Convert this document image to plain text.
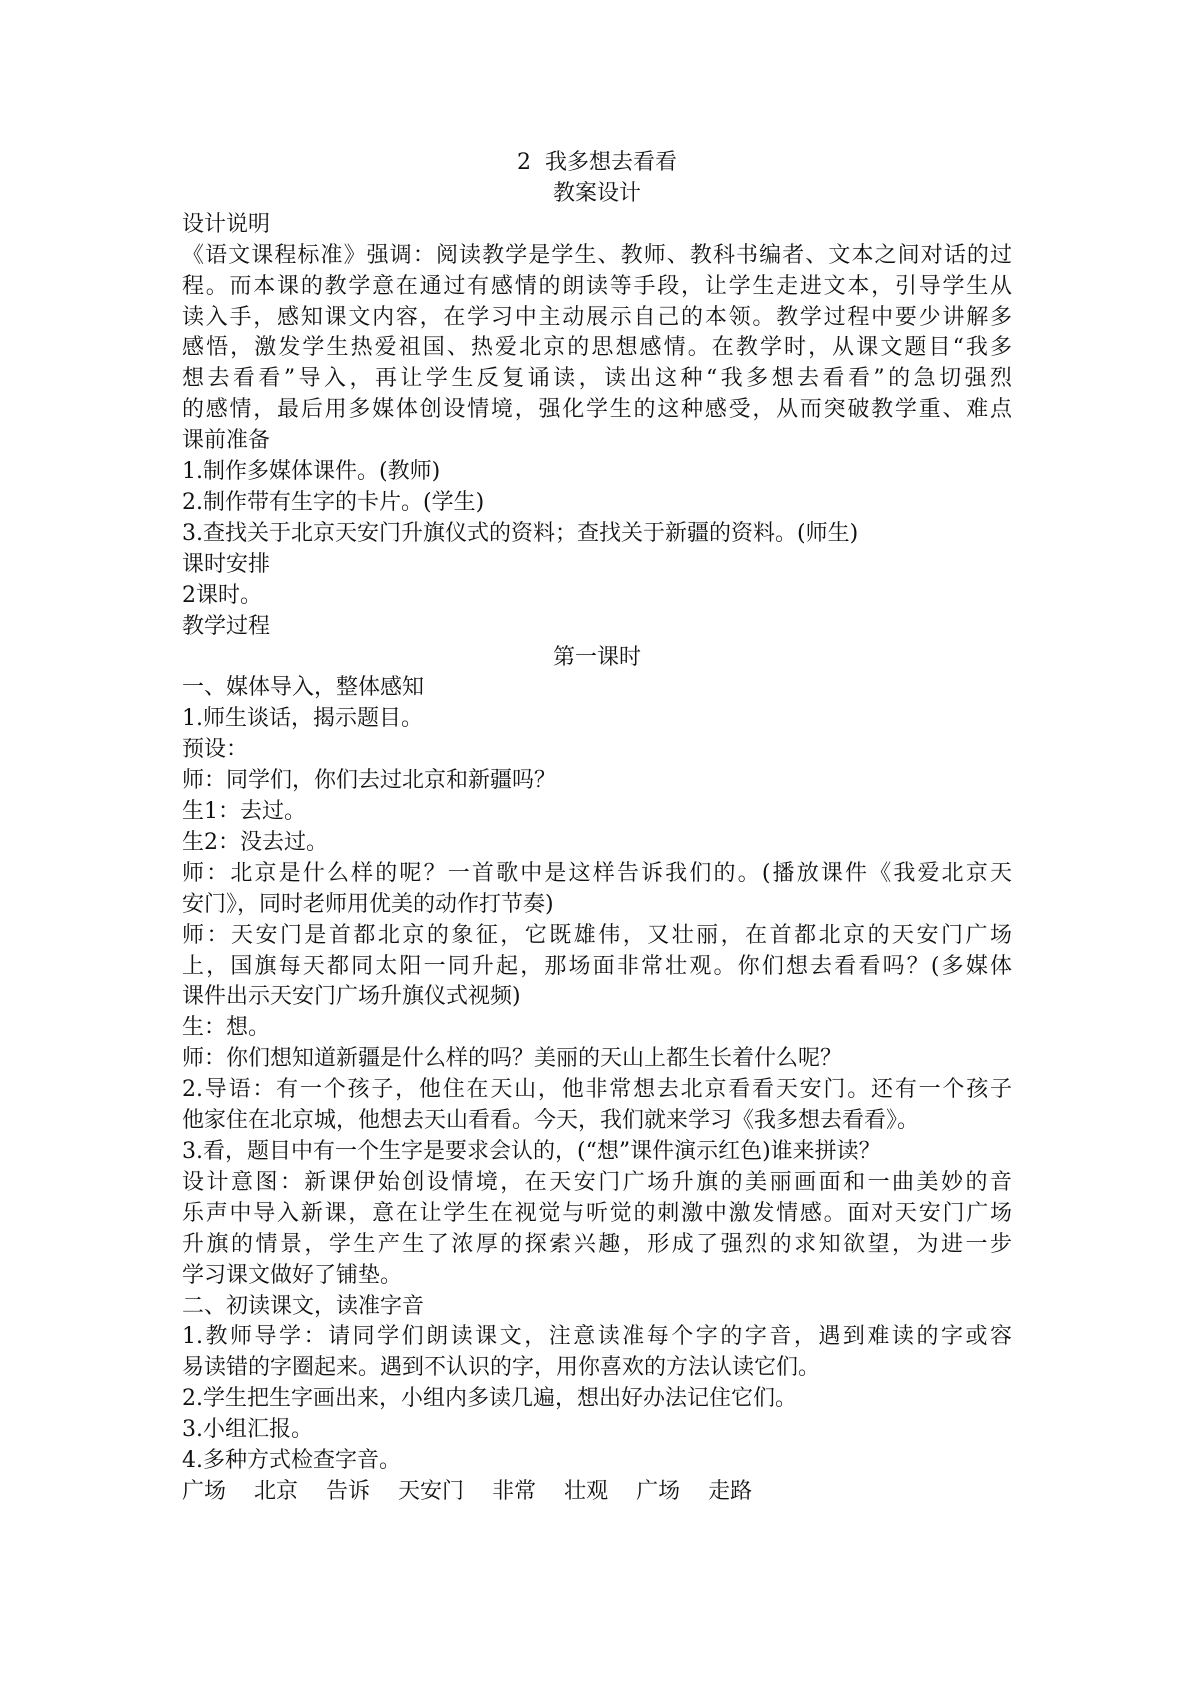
2 我多想去看看
教案设计
设计说明
《语文课程标准》强调：阅读教学是学生、教师、教科书编者、文本之间对话的过
程。而本课的教学意在通过有感情的朗读等手段，让学生走进文本，引导学生从
读入手，感知课文内容，在学习中主动展示自己的本领。教学过程中要少讲解多
感悟，激发学生热爱祖国、热爱北京的思想感情。在教学时，从课文题目“我多
想去看看”导入，再让学生反复诵读，读出这种“我多想去看看”的急切强烈
的感情，最后用多媒体创设情境，强化学生的这种感受，从而突破教学重、难点
课前准备
1.制作多媒体课件。(教师)
2.制作带有生字的卡片。(学生)
3.查找关于北京天安门升旗仪式的资料；查找关于新疆的资料。(师生)
课时安排
2课时。
教学过程
第一课时
一、媒体导入，整体感知
1.师生谈话，揭示题目。
预设：
师：同学们，你们去过北京和新疆吗？
生1：去过。
生2：没去过。
师：北京是什么样的呢？一首歌中是这样告诉我们的。(播放课件《我爱北京天
安门》，同时老师用优美的动作打节奏)
师：天安门是首都北京的象征，它既雄伟，又壮丽，在首都北京的天安门广场
上，国旗每天都同太阳一同升起，那场面非常壮观。你们想去看看吗？(多媒体
课件出示天安门广场升旗仪式视频)
生：想。
师：你们想知道新疆是什么样的吗？美丽的天山上都生长着什么呢？
2.导语：有一个孩子，他住在天山，他非常想去北京看看天安门。还有一个孩子
他家住在北京城，他想去天山看看。今天，我们就来学习《我多想去看看》。
3.看，题目中有一个生字是要求会认的，(“想”课件演示红色)谁来拼读？
设计意图：新课伊始创设情境，在天安门广场升旗的美丽画面和一曲美妙的音
乐声中导入新课，意在让学生在视觉与听觉的刺激中激发情感。面对天安门广场
升旗的情景，学生产生了浓厚的探索兴趣，形成了强烈的求知欲望，为进一步
学习课文做好了铺垫。
二、初读课文，读准字音
1.教师导学：请同学们朗读课文，注意读准每个字的字音，遇到难读的字或容
易读错的字圈起来。遇到不认识的字，用你喜欢的方法认读它们。
2.学生把生字画出来，小组内多读几遍，想出好办法记住它们。
3.小组汇报。
4.多种方式检查字音。
广场 北京 告诉 天安门 非常 壮观 广场 走路
